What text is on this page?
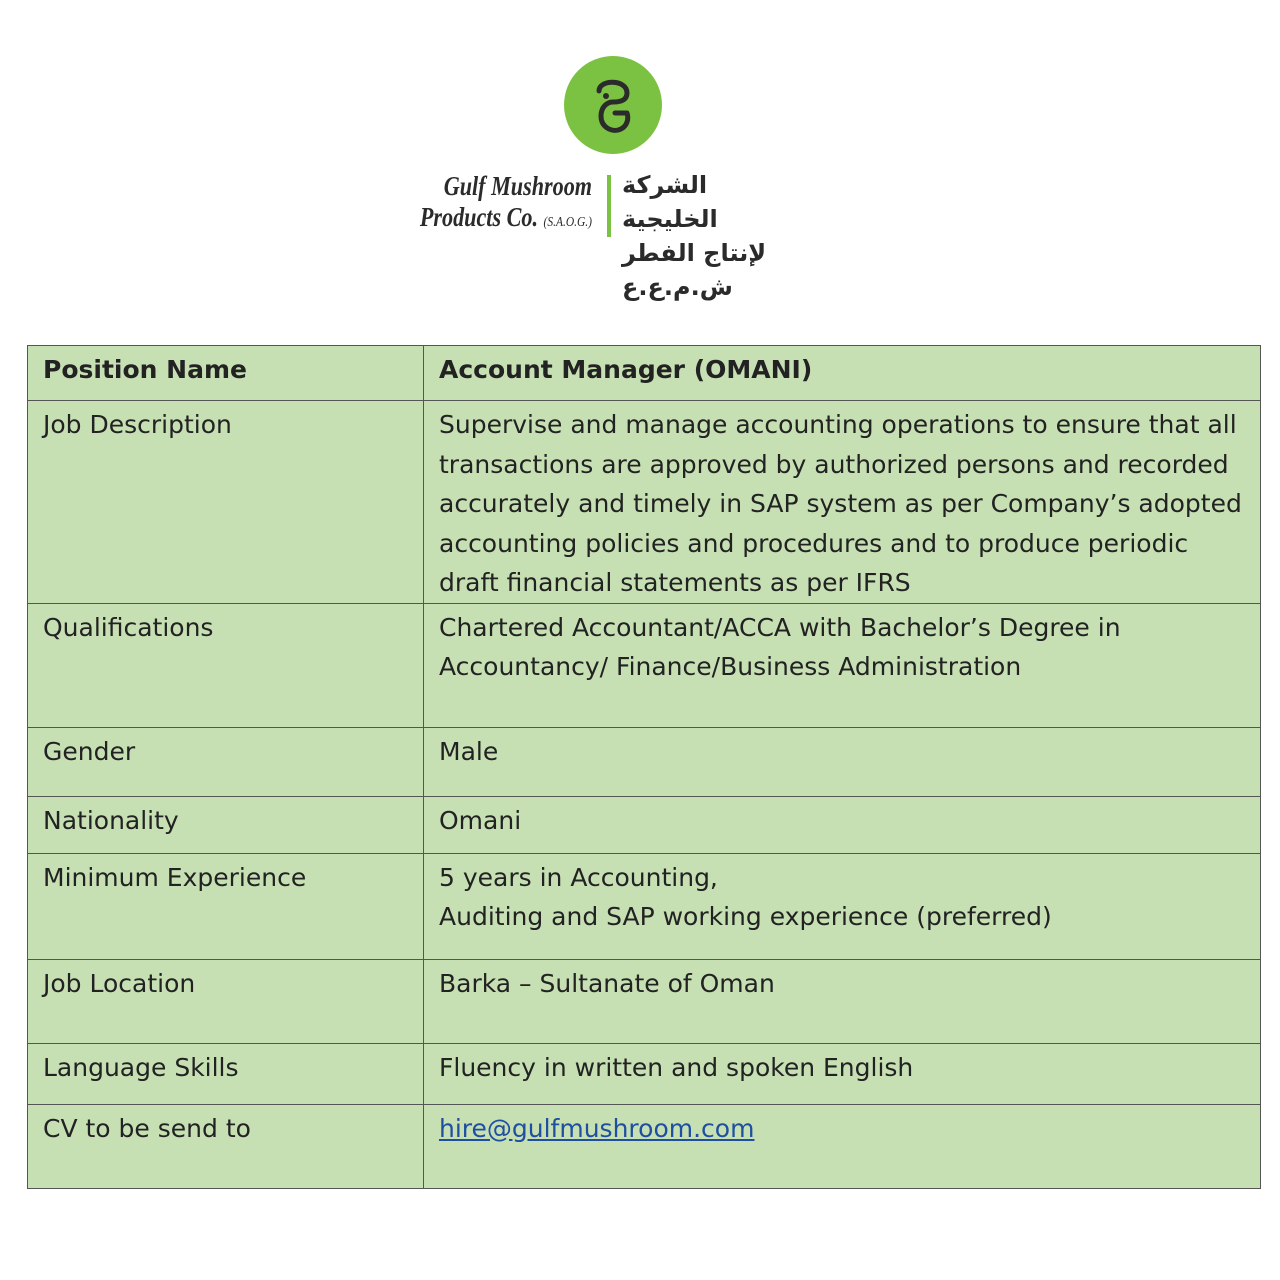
Gulf Mushroom
Products Co. (S.A.O.G.)
الشركة الخليجية
لإنتاج الفطر ش.م.ع.ع
Position Name	Account Manager (OMANI)
Job Description	Supervise and manage accounting operations to ensure that all transactions are approved by authorized persons and recorded accurately and timely in SAP system as per Company’s adopted accounting policies and procedures and to produce periodic draft financial statements as per IFRS
Qualifications	Chartered Accountant/ACCA with Bachelor’s Degree in Accountancy/ Finance/Business Administration
Gender	Male
Nationality	Omani
Minimum Experience	5 years in Accounting,
Auditing and SAP working experience (preferred)
Job Location	Barka – Sultanate of Oman
Language Skills	Fluency in written and spoken English
CV to be send to	hire@gulfmushroom.com
